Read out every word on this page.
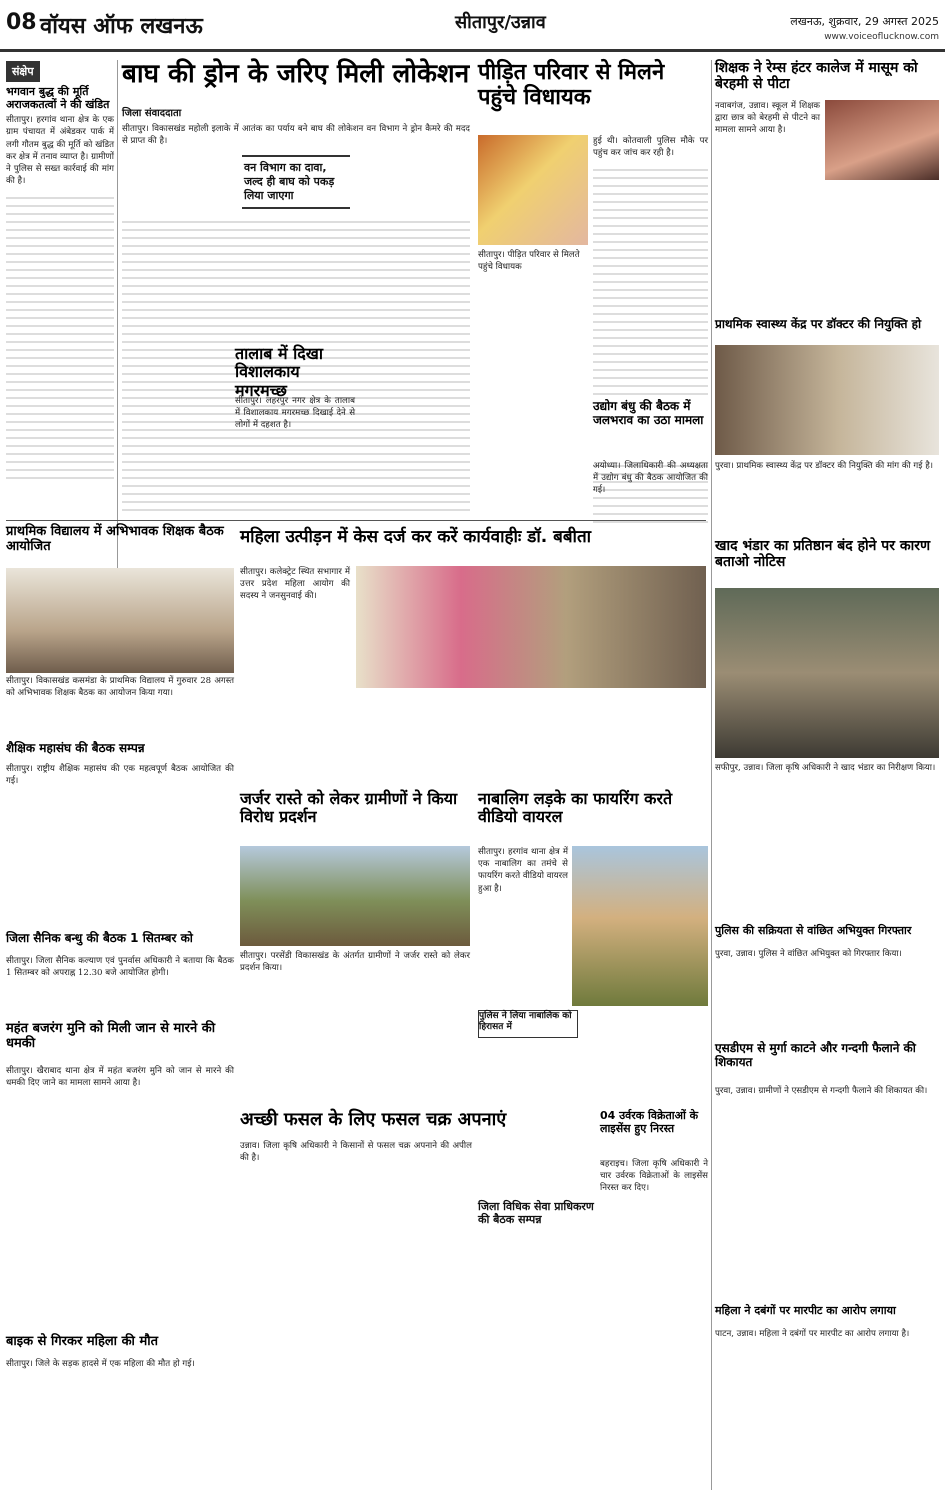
08 वॉयस ऑफ लखनऊ	सीतापुर/उन्नाव	लखनऊ, शुक्रवार, 29 अगस्त 2025
www.voiceoflucknow.com
संक्षेप
भगवान बुद्ध की मूर्ति अराजकतत्वों ने की खंडित
सीतापुर। हरगांव थाना क्षेत्र के एक ग्राम पंचायत में अंबेडकर पार्क में लगी गौतम बुद्ध की मूर्ति को खंडित कर क्षेत्र में तनाव व्याप्त है। ग्रामीणों ने पुलिस से सख्त कार्रवाई की मांग की है।
बाघ की ड्रोन के जरिए मिली लोकेशन
जिला संवाददाता
सीतापुर। विकासखंड महोली इलाके में आतंक का पर्याय बने बाघ की लोकेशन वन विभाग ने ड्रोन कैमरे की मदद से प्राप्त की है।
वन विभाग का दावा, जल्द ही बाघ को पकड़ लिया जाएगा
तालाब में दिखा विशालकाय मगरमच्छ
सीतापुर। लहरपुर नगर क्षेत्र के तालाब में विशालकाय मगरमच्छ दिखाई देने से लोगों में दहशत है।
पीड़ित परिवार से मिलने पहुंचे विधायक
सीतापुर। पीड़ित परिवार से मिलते पहुंचे विधायक
हुई थी। कोतवाली पुलिस मौके पर पहुंच कर जांच कर रही है।
उद्योग बंधु की बैठक में जलभराव का उठा मामला
अयोध्या। जिलाधिकारी की अध्यक्षता में उद्योग बंधु की बैठक आयोजित की गई।
शिक्षक ने रेम्स हंटर कालेज में मासूम को बेरहमी से पीटा
नवाबगंज, उन्नाव। स्कूल में शिक्षक द्वारा छात्र को बेरहमी से पीटने का मामला सामने आया है।
प्राथमिक स्वास्थ्य केंद्र पर डॉक्टर की नियुक्ति हो
पुरवा। प्राथमिक स्वास्थ्य केंद्र पर डॉक्टर की नियुक्ति की मांग की गई है।
खाद भंडार का प्रतिष्ठान बंद होने पर कारण बताओ नोटिस
सफीपुर, उन्नाव। जिला कृषि अधिकारी ने खाद भंडार का निरीक्षण किया।
पुलिस की सक्रियता से वांछित अभियुक्त गिरफ्तार
पुरवा, उन्नाव। पुलिस ने वांछित अभियुक्त को गिरफ्तार किया।
एसडीएम से मुर्गा काटने और गन्दगी फैलाने की शिकायत
पुरवा, उन्नाव। ग्रामीणों ने एसडीएम से गन्दगी फैलाने की शिकायत की।
महिला ने दबंगों पर मारपीट का आरोप लगाया
पाटन, उन्नाव। महिला ने दबंगों पर मारपीट का आरोप लगाया है।
प्राथमिक विद्यालय में अभिभावक शिक्षक बैठक आयोजित
सीतापुर। विकासखंड कसमंडा के प्राथमिक विद्यालय में गुरुवार 28 अगस्त को अभिभावक शिक्षक बैठक का आयोजन किया गया।
शैक्षिक महासंघ की बैठक सम्पन्न
सीतापुर। राष्ट्रीय शैक्षिक महासंघ की एक महत्वपूर्ण बैठक आयोजित की गई।
जिला सैनिक बन्धु की बैठक 1 सितम्बर को
सीतापुर। जिला सैनिक कल्याण एवं पुनर्वास अधिकारी ने बताया कि बैठक 1 सितम्बर को अपराह्न 12.30 बजे आयोजित होगी।
महंत बजरंग मुनि को मिली जान से मारने की धमकी
सीतापुर। खैराबाद थाना क्षेत्र में महंत बजरंग मुनि को जान से मारने की धमकी दिए जाने का मामला सामने आया है।
बाइक से गिरकर महिला की मौत
सीतापुर। जिले के सड़क हादसे में एक महिला की मौत हो गई।
महिला उत्पीड़न में केस दर्ज कर करें कार्यवाहीः डॉ. बबीता
सीतापुर। कलेक्ट्रेट स्थित सभागार में उत्तर प्रदेश महिला आयोग की सदस्य ने जनसुनवाई की।
जर्जर रास्ते को लेकर ग्रामीणों ने किया विरोध प्रदर्शन
सीतापुर। परसेंडी विकासखंड के अंतर्गत ग्रामीणों ने जर्जर रास्ते को लेकर प्रदर्शन किया।
नाबालिग लड़के का फायरिंग करते वीडियो वायरल
सीतापुर। हरगांव थाना क्षेत्र में एक नाबालिग का तमंचे से फायरिंग करते वीडियो वायरल हुआ है।
पुलिस ने लिया नाबालिक को हिरासत में
अच्छी फसल के लिए फसल चक्र अपनाएं
उन्नाव। जिला कृषि अधिकारी ने किसानों से फसल चक्र अपनाने की अपील की है।
जिला विधिक सेवा प्राधिकरण की बैठक सम्पन्न
04 उर्वरक विक्रेताओं के लाइसेंस हुए निरस्त
बहराइच। जिला कृषि अधिकारी ने चार उर्वरक विक्रेताओं के लाइसेंस निरस्त कर दिए।
